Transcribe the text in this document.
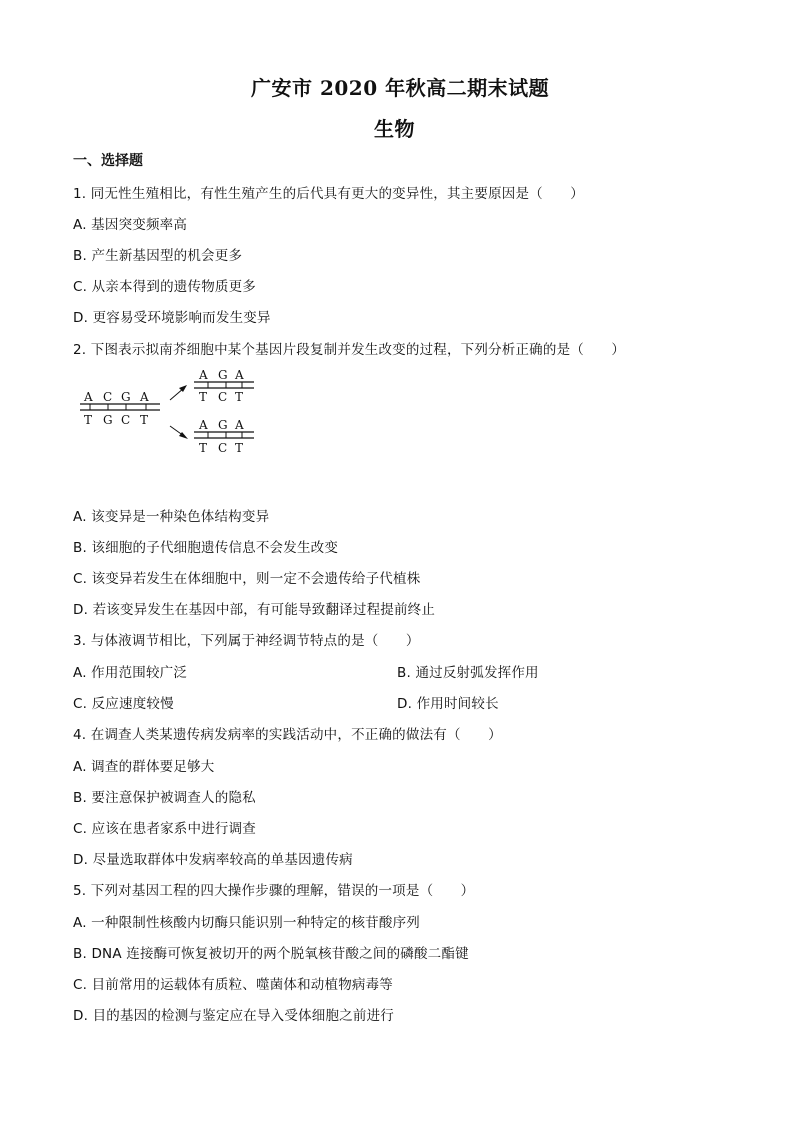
广安市 2020 年秋高二期末试题
生物
一、选择题
1. 同无性生殖相比，有性生殖产生的后代具有更大的变异性，其主要原因是（　　）
A. 基因突变频率高
B. 产生新基因型的机会更多
C. 从亲本得到的遗传物质更多
D. 更容易受环境影响而发生变异
2. 下图表示拟南芥细胞中某个基因片段复制并发生改变的过程，下列分析正确的是（　　）
A C G A
T G C T
A G A
T C T
A G A
T C T
A. 该变异是一种染色体结构变异
B. 该细胞的子代细胞遗传信息不会发生改变
C. 该变异若发生在体细胞中，则一定不会遗传给子代植株
D. 若该变异发生在基因中部，有可能导致翻译过程提前终止
3. 与体液调节相比，下列属于神经调节特点的是（　　）
A. 作用范围较广泛	B. 通过反射弧发挥作用
C. 反应速度较慢	D. 作用时间较长
4. 在调查人类某遗传病发病率的实践活动中，不正确的做法有（　　）
A. 调查的群体要足够大
B. 要注意保护被调查人的隐私
C. 应该在患者家系中进行调查
D. 尽量选取群体中发病率较高的单基因遗传病
5. 下列对基因工程的四大操作步骤的理解，错误的一项是（　　）
A. 一种限制性核酸内切酶只能识别一种特定的核苷酸序列
B. DNA 连接酶可恢复被切开的两个脱氧核苷酸之间的磷酸二酯键
C. 目前常用的运载体有质粒、噬菌体和动植物病毒等
D. 目的基因的检测与鉴定应在导入受体细胞之前进行
